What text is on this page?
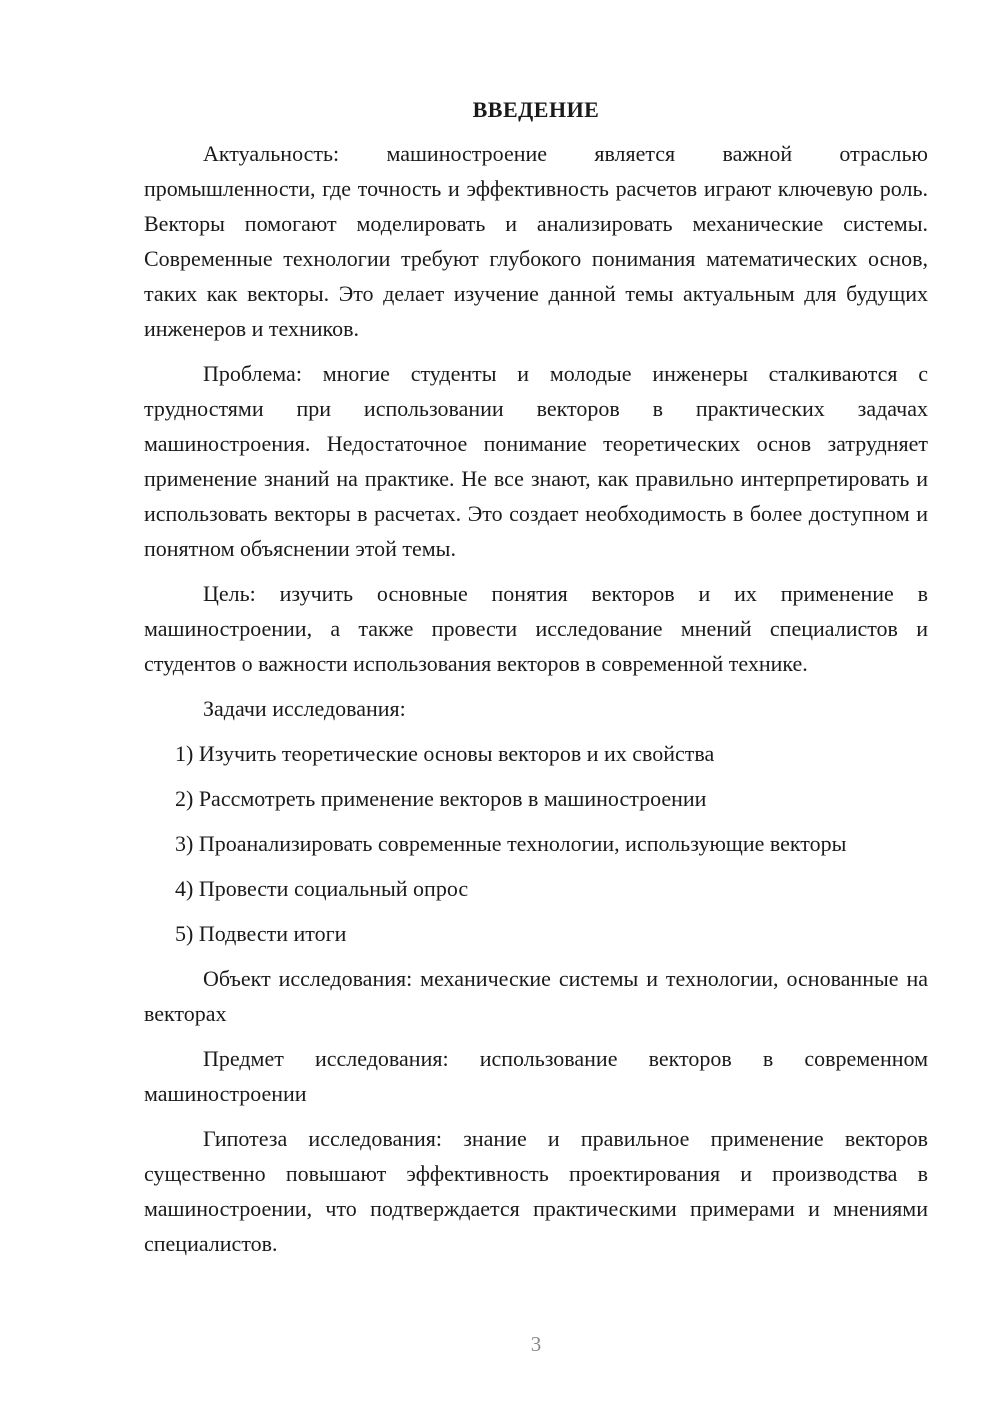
ВВЕДЕНИЕ

Актуальность: машиностроение является важной отраслью промышленности, где точность и эффективность расчетов играют ключевую роль. Векторы помогают моделировать и анализировать механические системы. Современные технологии требуют глубокого понимания математических основ, таких как векторы. Это делает изучение данной темы актуальным для будущих инженеров и техников.

Проблема: многие студенты и молодые инженеры сталкиваются с трудностями при использовании векторов в практических задачах машиностроения. Недостаточное понимание теоретических основ затрудняет применение знаний на практике. Не все знают, как правильно интерпретировать и использовать векторы в расчетах. Это создает необходимость в более доступном и понятном объяснении этой темы.

Цель: изучить основные понятия векторов и их применение в машиностроении, а также провести исследование мнений специалистов и студентов о важности использования векторов в современной технике.

Задачи исследования:

1) Изучить теоретические основы векторов и их свойства

2) Рассмотреть применение векторов в машиностроении

3) Проанализировать современные технологии, использующие векторы

4) Провести социальный опрос

5) Подвести итоги

Объект исследования: механические системы и технологии, основанные на векторах

Предмет исследования: использование векторов в современном машиностроении

Гипотеза исследования: знание и правильное применение векторов существенно повышают эффективность проектирования и производства в машиностроении, что подтверждается практическими примерами и мнениями специалистов.

3
